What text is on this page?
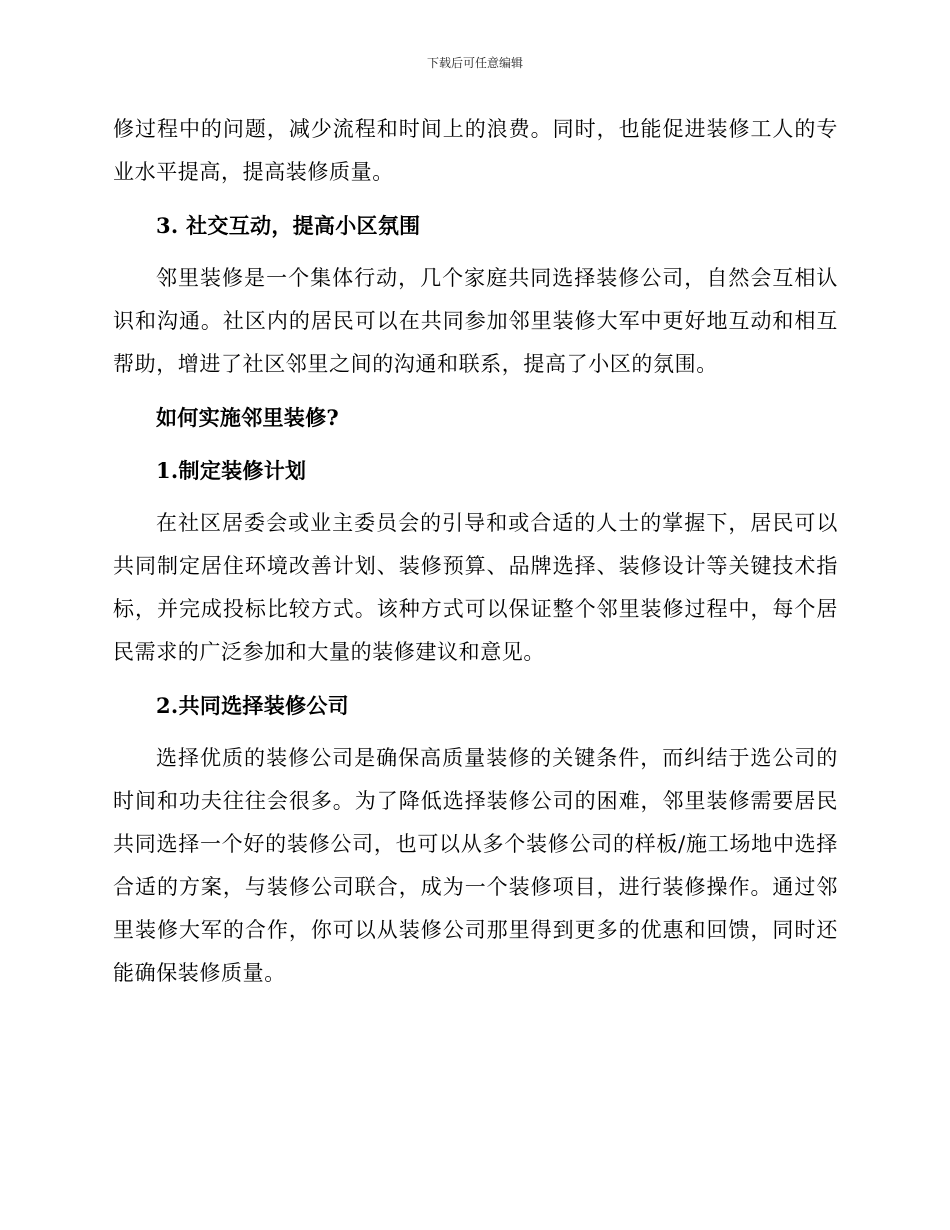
下载后可任意编辑

修过程中的问题，减少流程和时间上的浪费。同时，也能促进装修工人的专业水平提高，提高装修质量。

3. 社交互动，提高小区氛围

邻里装修是一个集体行动，几个家庭共同选择装修公司，自然会互相认识和沟通。社区内的居民可以在共同参加邻里装修大军中更好地互动和相互帮助，增进了社区邻里之间的沟通和联系，提高了小区的氛围。

如何实施邻里装修?
1.制定装修计划

在社区居委会或业主委员会的引导和或合适的人士的掌握下，居民可以共同制定居住环境改善计划、装修预算、品牌选择、装修设计等关键技术指标，并完成投标比较方式。该种方式可以保证整个邻里装修过程中，每个居民需求的广泛参加和大量的装修建议和意见。

2.共同选择装修公司

选择优质的装修公司是确保高质量装修的关键条件，而纠结于选公司的时间和功夫往往会很多。为了降低选择装修公司的困难，邻里装修需要居民共同选择一个好的装修公司，也可以从多个装修公司的样板/施工场地中选择合适的方案，与装修公司联合，成为一个装修项目，进行装修操作。通过邻里装修大军的合作，你可以从装修公司那里得到更多的优惠和回馈，同时还能确保装修质量。
